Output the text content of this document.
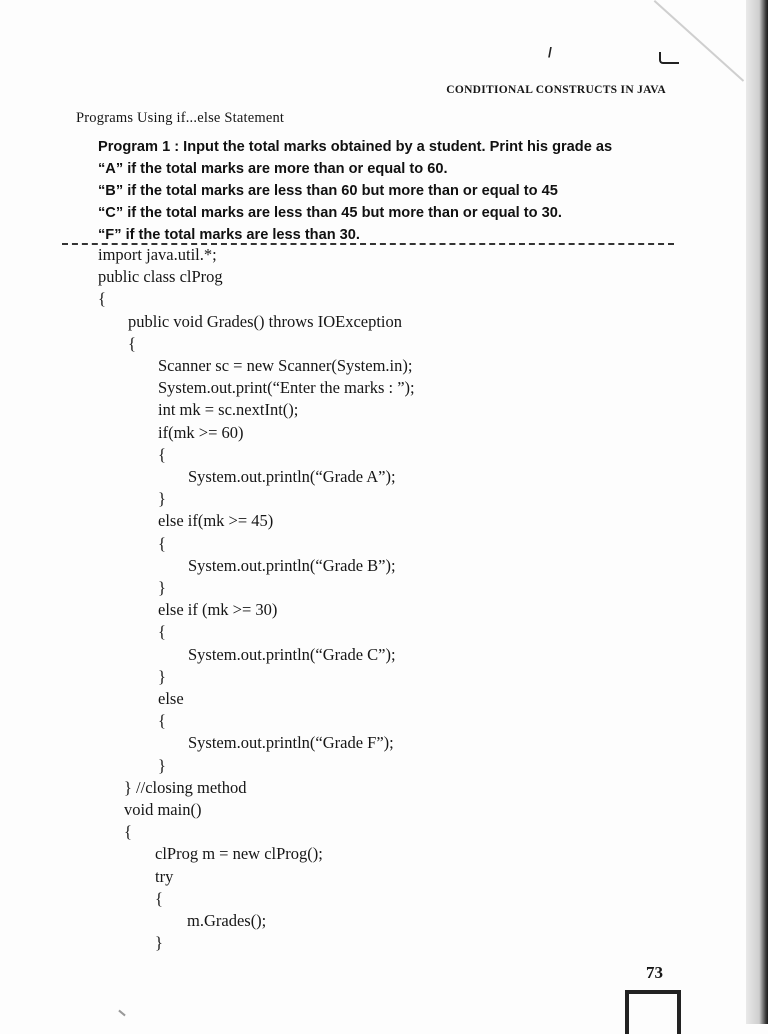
/
CONDITIONAL CONSTRUCTS IN JAVA
Programs Using if...else Statement
Program 1 : Input the total marks obtained by a student. Print his grade as
“A” if the total marks are more than or equal to 60.
“B” if the total marks are less than 60 but more than or equal to 45
“C” if the total marks are less than 45 but more than or equal to 30.
“F” if the total marks are less than 30.
import java.util.*;
public class clProg
{
public void Grades() throws IOException
{
Scanner sc = new Scanner(System.in);
System.out.print(“Enter the marks : ”);
int mk = sc.nextInt();
if(mk >= 60)
{
System.out.println(“Grade A”);
}
else if(mk >= 45)
{
System.out.println(“Grade B”);
}
else if (mk >= 30)
{
System.out.println(“Grade C”);
}
else
{
System.out.println(“Grade F”);
}
} //closing method
void main()
{
clProg m = new clProg();
try
{
m.Grades();
}
73
